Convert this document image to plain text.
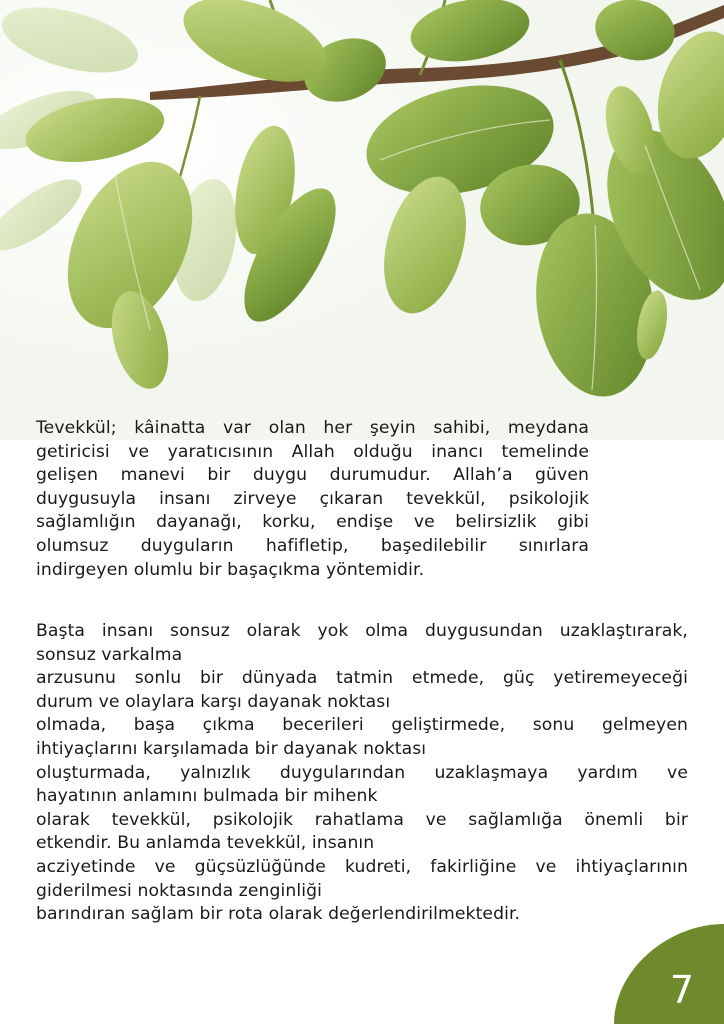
Tevekkül; kâinatta var olan her şeyin sahibi, meydana
getiricisi ve yaratıcısının Allah olduğu inancı temelinde
gelişen manevi bir duygu durumudur. Allah’a güven
duygusuyla insanı zirveye çıkaran tevekkül, psikolojik
sağlamlığın dayanağı, korku, endişe ve belirsizlik gibi
olumsuz duyguların hafifletip, başedilebilir sınırlara
indirgeyen olumlu bir başaçıkma yöntemidir.
Başta insanı sonsuz olarak yok olma duygusundan uzaklaştırarak,
sonsuz varkalma
arzusunu sonlu bir dünyada tatmin etmede, güç yetiremeyeceği
durum ve olaylara karşı dayanak noktası
olmada, başa çıkma becerileri geliştirmede, sonu gelmeyen
ihtiyaçlarını karşılamada bir dayanak noktası
oluşturmada, yalnızlık duygularından uzaklaşmaya yardım ve
hayatının anlamını bulmada bir mihenk
olarak tevekkül, psikolojik rahatlama ve sağlamlığa önemli bir
etkendir. Bu anlamda tevekkül, insanın
acziyetinde ve güçsüzlüğünde kudreti, fakirliğine ve ihtiyaçlarının
giderilmesi noktasında zenginliği
barındıran sağlam bir rota olarak değerlendirilmektedir.
7
